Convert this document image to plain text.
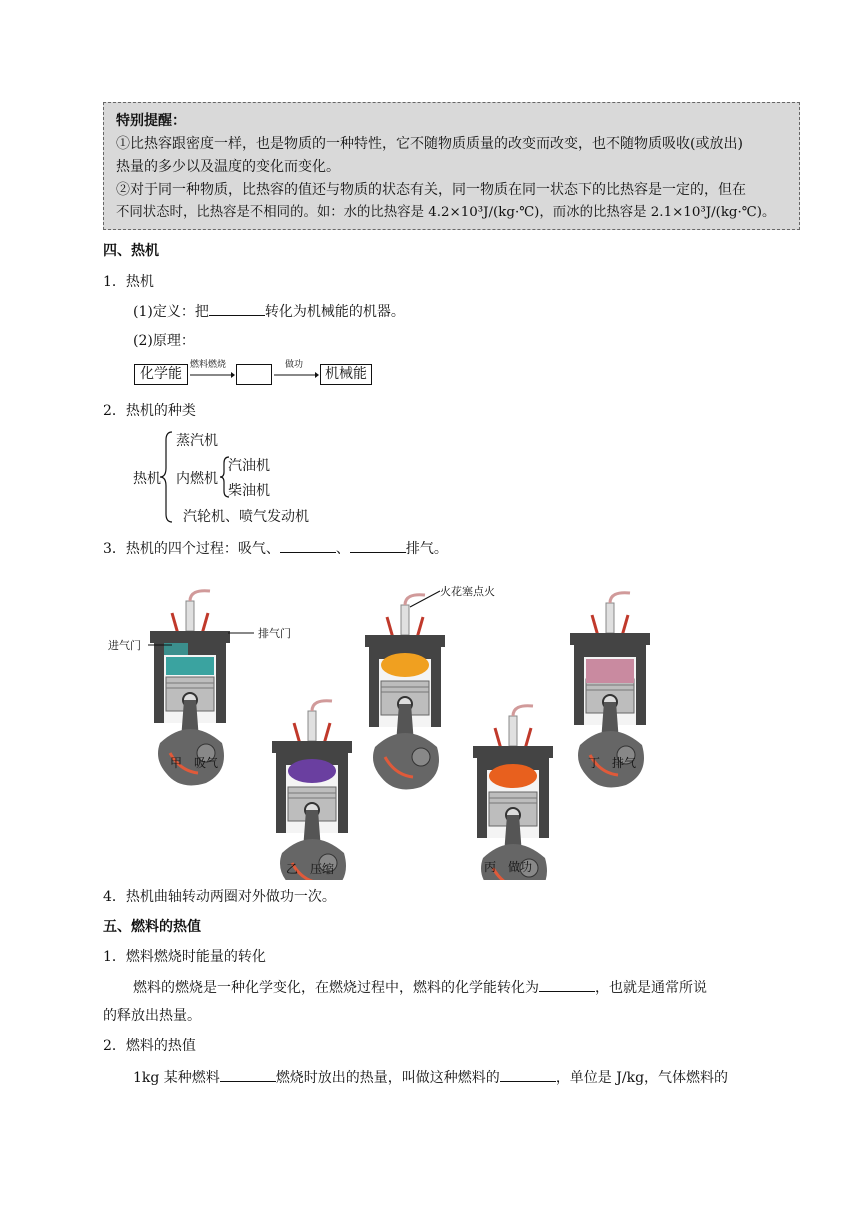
特别提醒：
①比热容跟密度一样，也是物质的一种特性，它不随物质质量的改变而改变，也不随物质吸收(或放出)
热量的多少以及温度的变化而变化。
②对于同一种物质，比热容的值还与物质的状态有关，同一物质在同一状态下的比热容是一定的，但在
不同状态时，比热容是不相同的。如：水的比热容是 4.2×10³J/(kg·℃)，而冰的比热容是 2.1×10³J/(kg·℃)。
四、热机
1．热机
(1)定义：把	转化为机械能的机器。
(2)原理：
化学能
燃料燃烧	做功
机械能
2．热机的种类
热机
蒸汽机
内燃机
汽油机
柴油机
汽轮机、喷气发动机
3．热机的四个过程：吸气、	、	排气。
进气门
排气门
火花塞点火
甲　吸气
乙　压缩	丙　做功
丁　排气
4．热机曲轴转动两圈对外做功一次。
五、燃料的热值
1．燃料燃烧时能量的转化
燃料的燃烧是一种化学变化，在燃烧过程中，燃料的化学能转化为	，也就是通常所说
的释放出热量。
2．燃料的热值
1kg 某种燃料	燃烧时放出的热量，叫做这种燃料的	，单位是 J/kg，气体燃料的
